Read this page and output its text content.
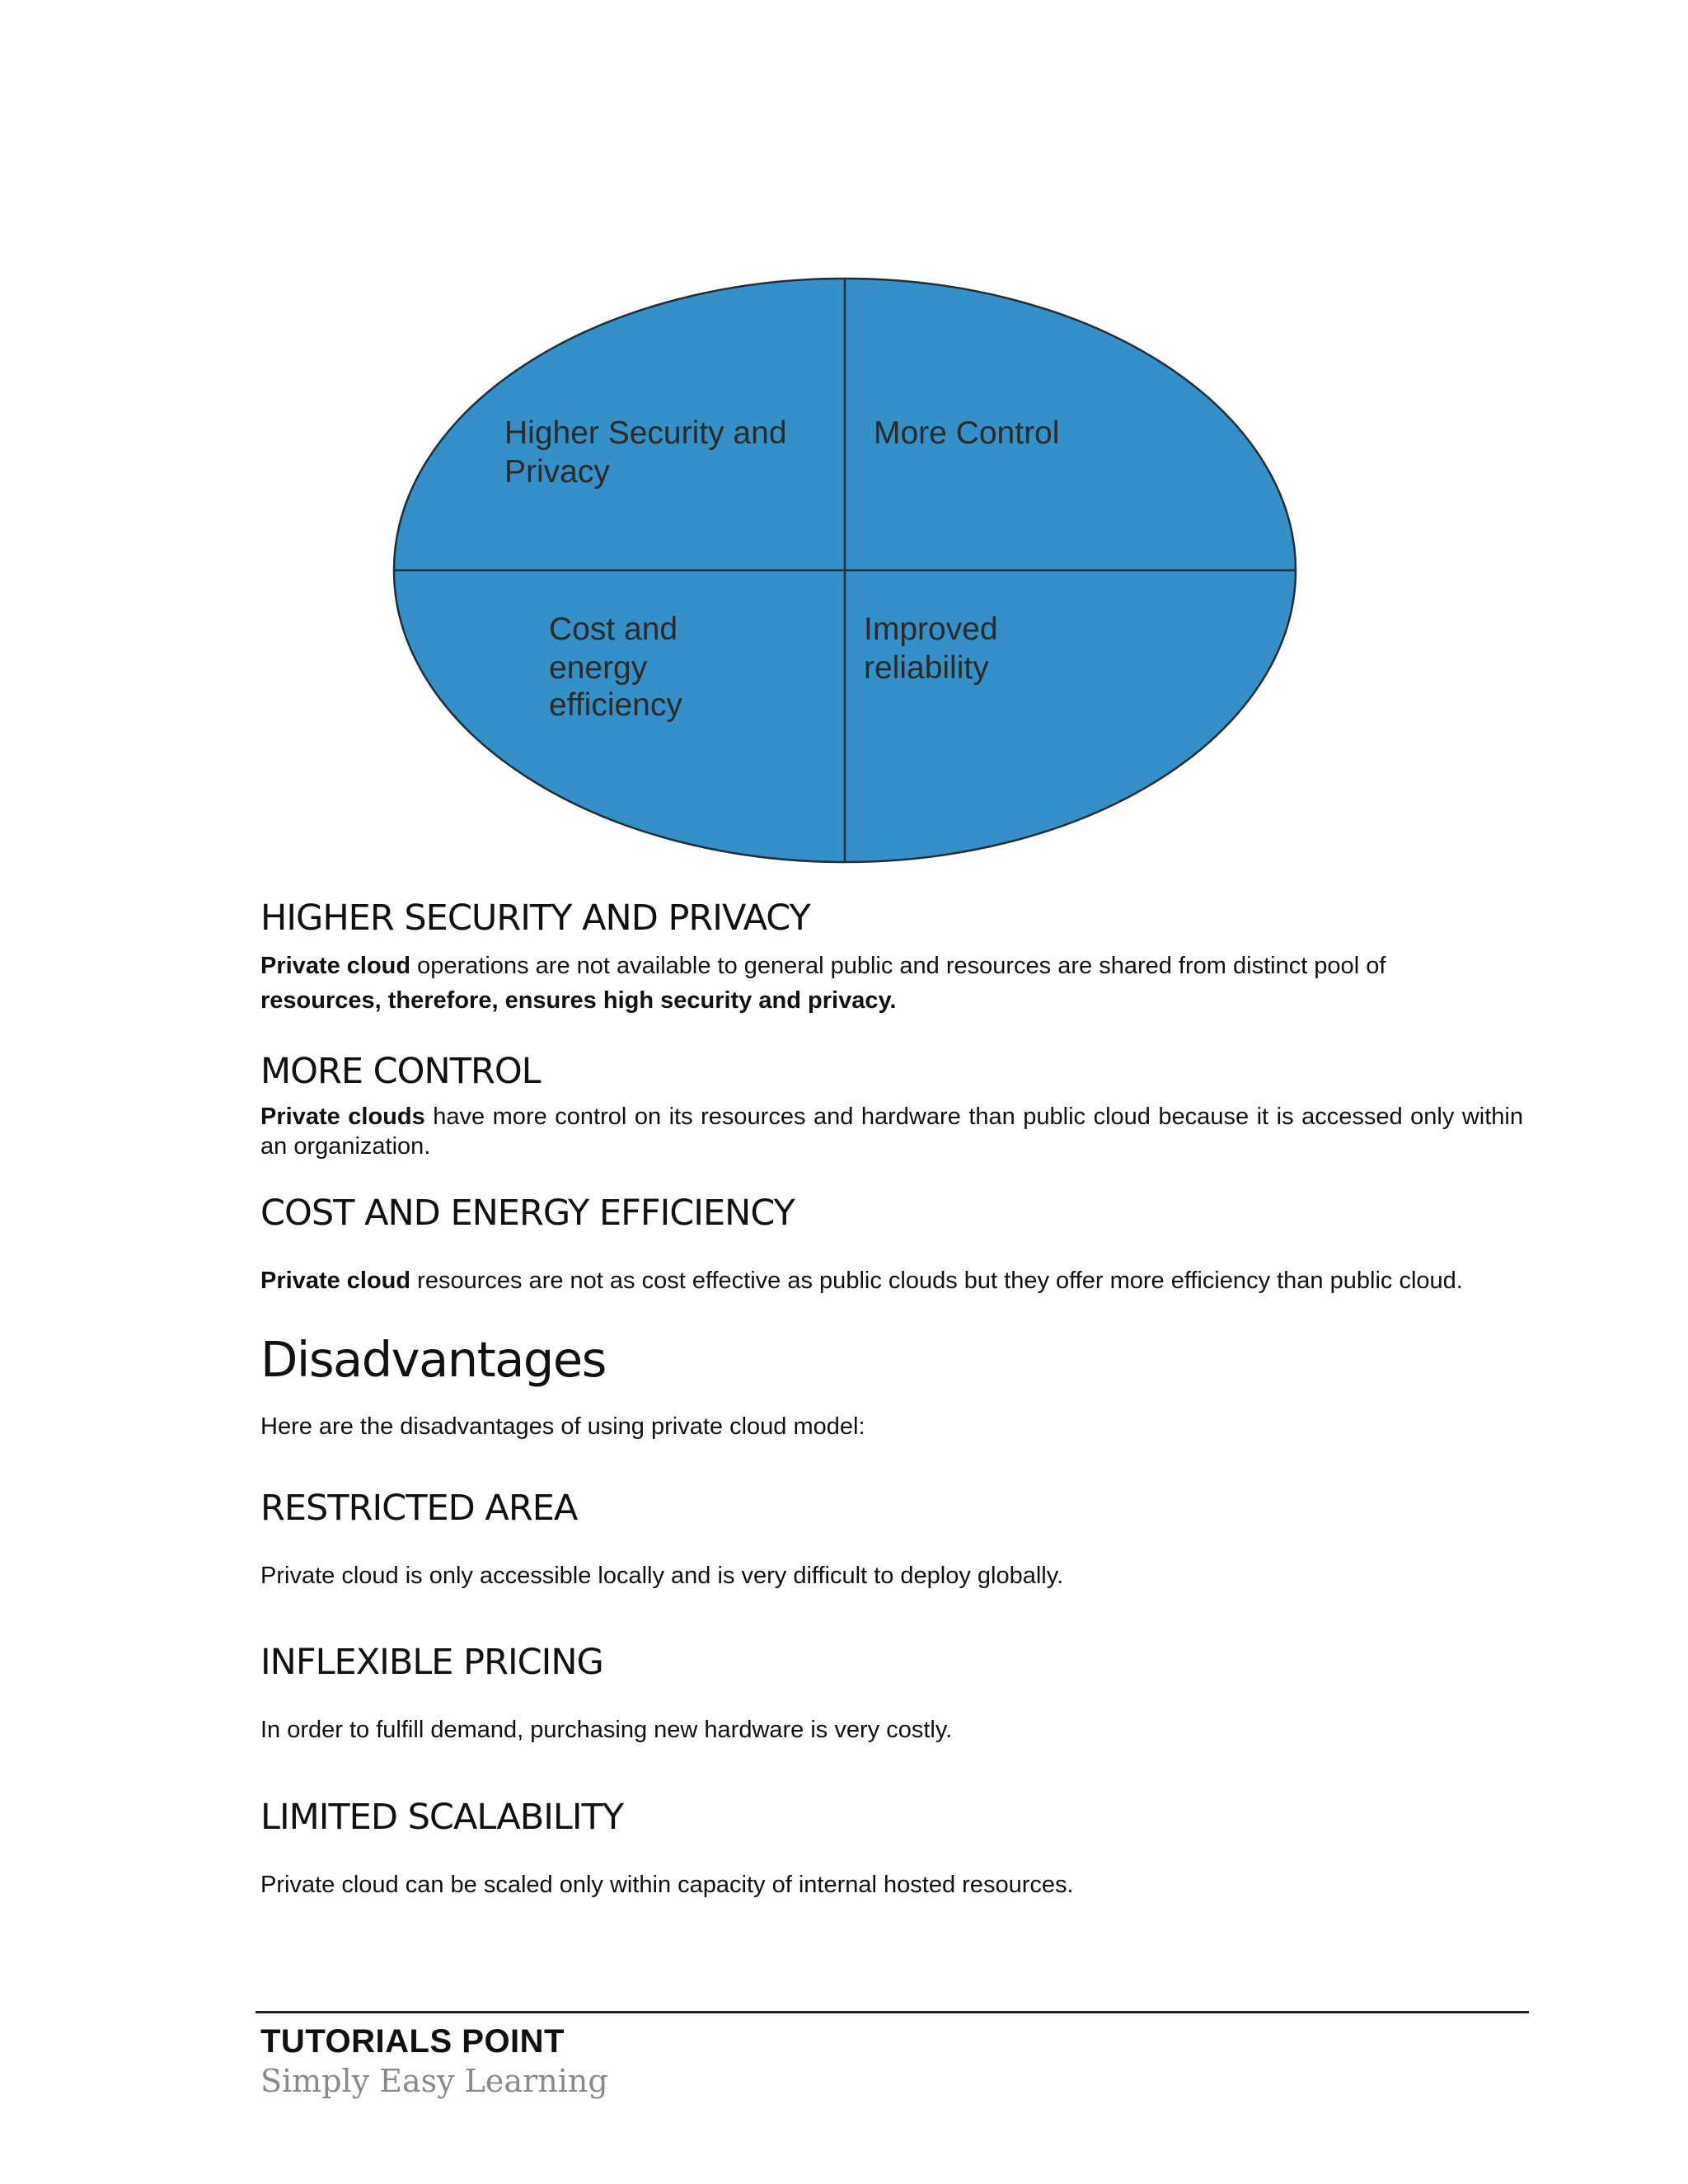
Higher Security and Privacy
More Control
Cost and energy efficiency
Improved reliability
HIGHER SECURITY AND PRIVACY

Private cloud operations are not available to general public and resources are shared from distinct pool of

resources, therefore, ensures high security and privacy.

MORE CONTROL

Private clouds have more control on its resources and hardware than public cloud because it is accessed only within an organization.

COST AND ENERGY EFFICIENCY

Private cloud resources are not as cost effective as public clouds but they offer more efficiency than public cloud.

Disadvantages

Here are the disadvantages of using private cloud model:

RESTRICTED AREA

Private cloud is only accessible locally and is very difficult to deploy globally.

INFLEXIBLE PRICING

In order to fulfill demand, purchasing new hardware is very costly.

LIMITED SCALABILITY

Private cloud can be scaled only within capacity of internal hosted resources.

TUTORIALS POINT

Simply Easy Learning
